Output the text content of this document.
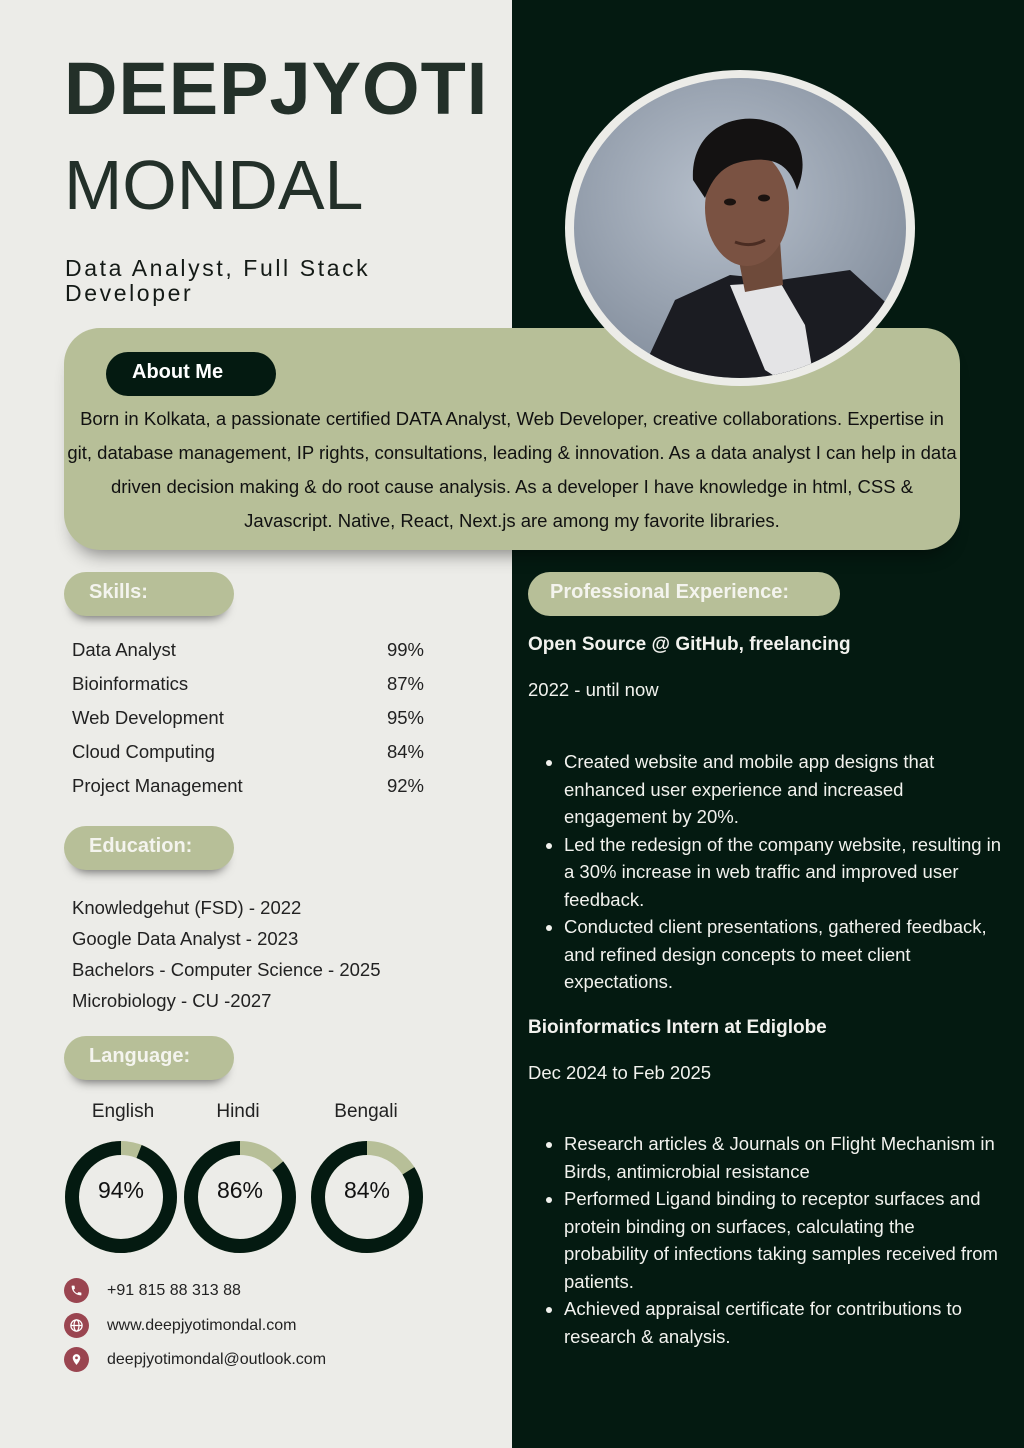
DEEPJYOTI
MONDAL
Data Analyst, Full Stack Developer
About Me
Born in Kolkata, a passionate certified DATA Analyst, Web Developer, creative collaborations. Expertise in git, database management, IP rights, consultations, leading & innovation. As a data analyst I can help in data driven decision making & do root cause analysis. As a developer I have knowledge in html, CSS & Javascript. Native, React, Next.js are among my favorite libraries.
Skills:
Data Analyst	99%
Bioinformatics	87%
Web Development	95%
Cloud Computing	84%
Project Management	92%
Education:
Knowledgehut (FSD) - 2022
Google Data Analyst - 2023
Bachelors - Computer Science - 2025
Microbiology - CU -2027
Language:
English	Hindi	Bengali
94%	86%	84%
+91 815 88 313 88
www.deepjyotimondal.com
deepjyotimondal@outlook.com
Professional Experience:
Open Source @ GitHub, freelancing
2022 - until now
• Created website and mobile app designs that enhanced user experience and increased engagement by 20%.
• Led the redesign of the company website, resulting in a 30% increase in web traffic and improved user feedback.
• Conducted client presentations, gathered feedback, and refined design concepts to meet client expectations.
Bioinformatics Intern at Ediglobe
Dec 2024 to Feb 2025
• Research articles & Journals on Flight Mechanism in Birds, antimicrobial resistance
• Performed Ligand binding to receptor surfaces and protein binding on surfaces, calculating the probability of infections taking samples received from patients.
• Achieved appraisal certificate for contributions to research & analysis.
